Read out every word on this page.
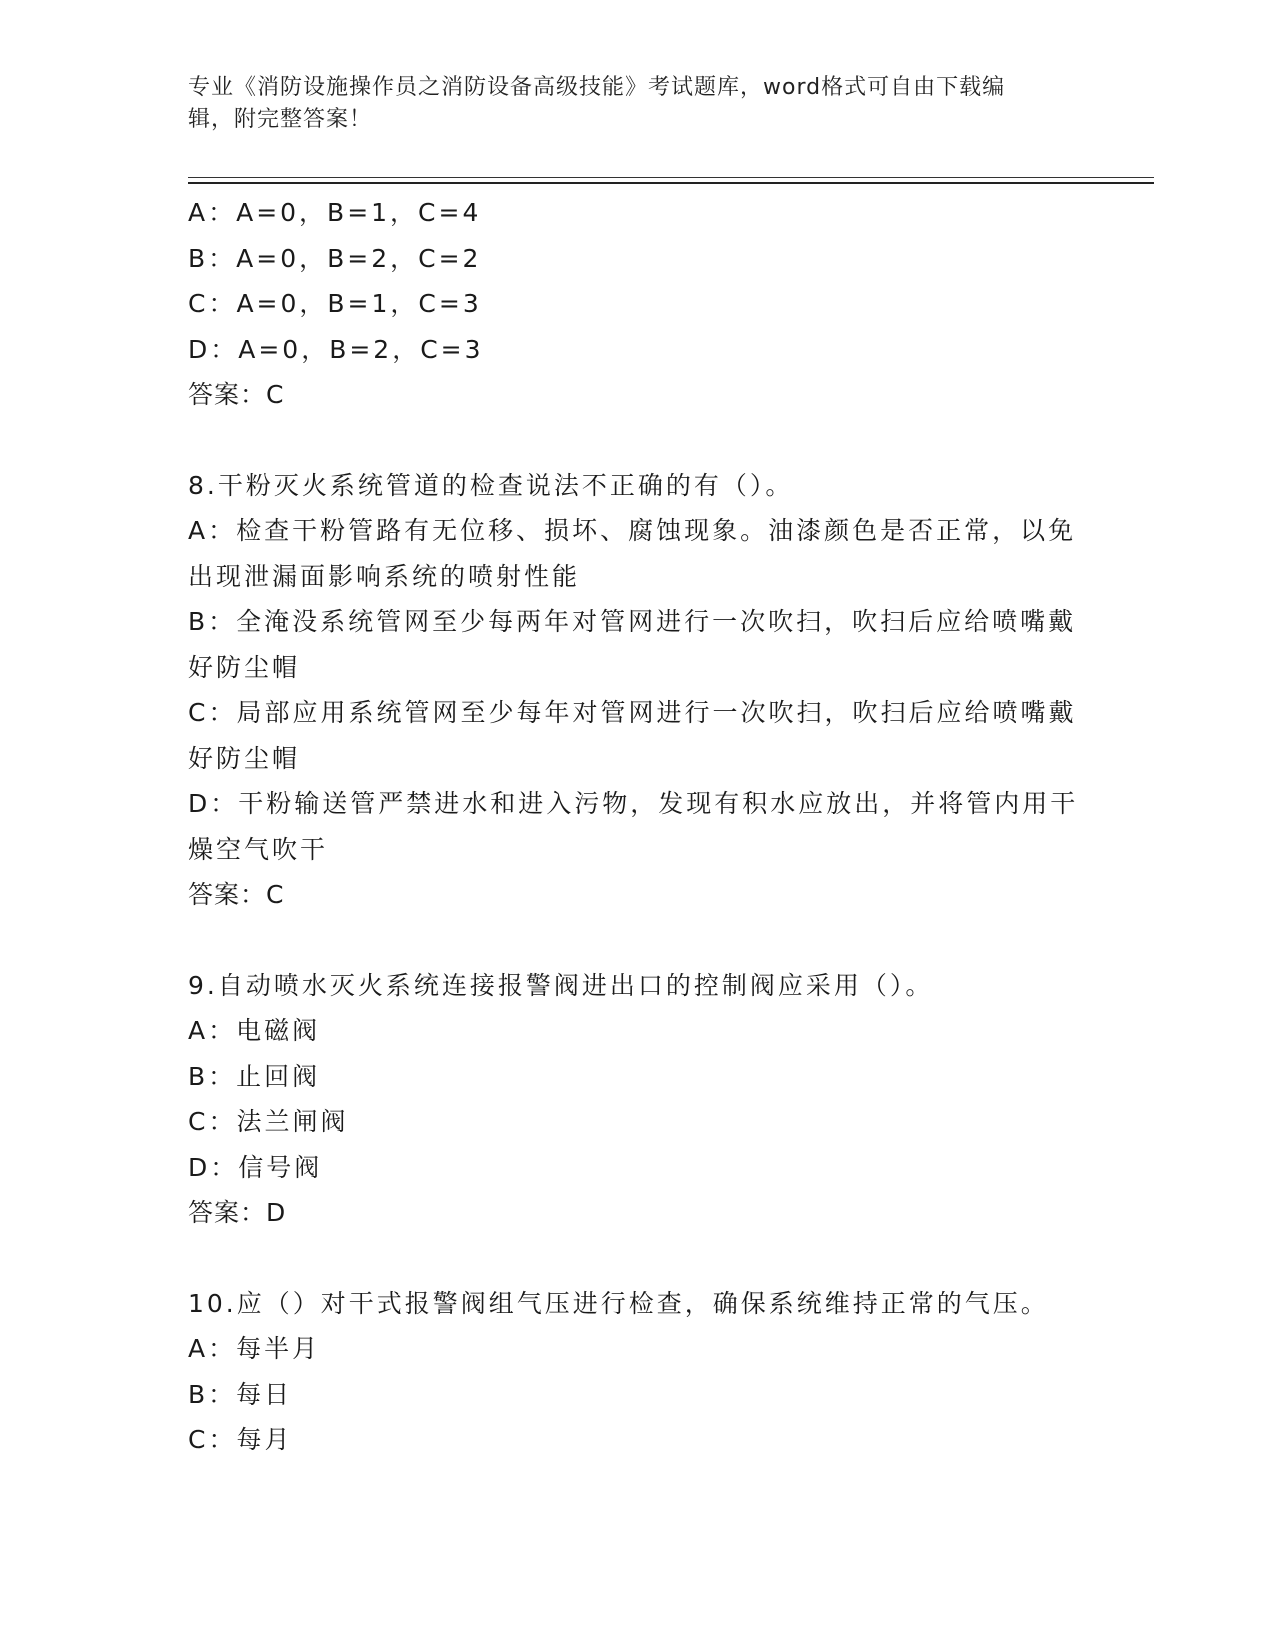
专业《消防设施操作员之消防设备高级技能》考试题库，word格式可自由下载编
辑，附完整答案！
A：A=0，B=1，C=4
B：A=0，B=2，C=2
C：A=0，B=1，C=3
D：A=0，B=2，C=3
答案：C
8.干粉灭火系统管道的检查说法不正确的有（）。
A：检查干粉管路有无位移、损坏、腐蚀现象。油漆颜色是否正常，以免出现泄漏面影响系统的喷射性能
B：全淹没系统管网至少每两年对管网进行一次吹扫，吹扫后应给喷嘴戴好防尘帽
C：局部应用系统管网至少每年对管网进行一次吹扫，吹扫后应给喷嘴戴好防尘帽
D：干粉输送管严禁进水和进入污物，发现有积水应放出，并将管内用干燥空气吹干
答案：C
9.自动喷水灭火系统连接报警阀进出口的控制阀应采用（）。
A：电磁阀
B：止回阀
C：法兰闸阀
D：信号阀
答案：D
10.应（）对干式报警阀组气压进行检查，确保系统维持正常的气压。
A：每半月
B：每日
C：每月
